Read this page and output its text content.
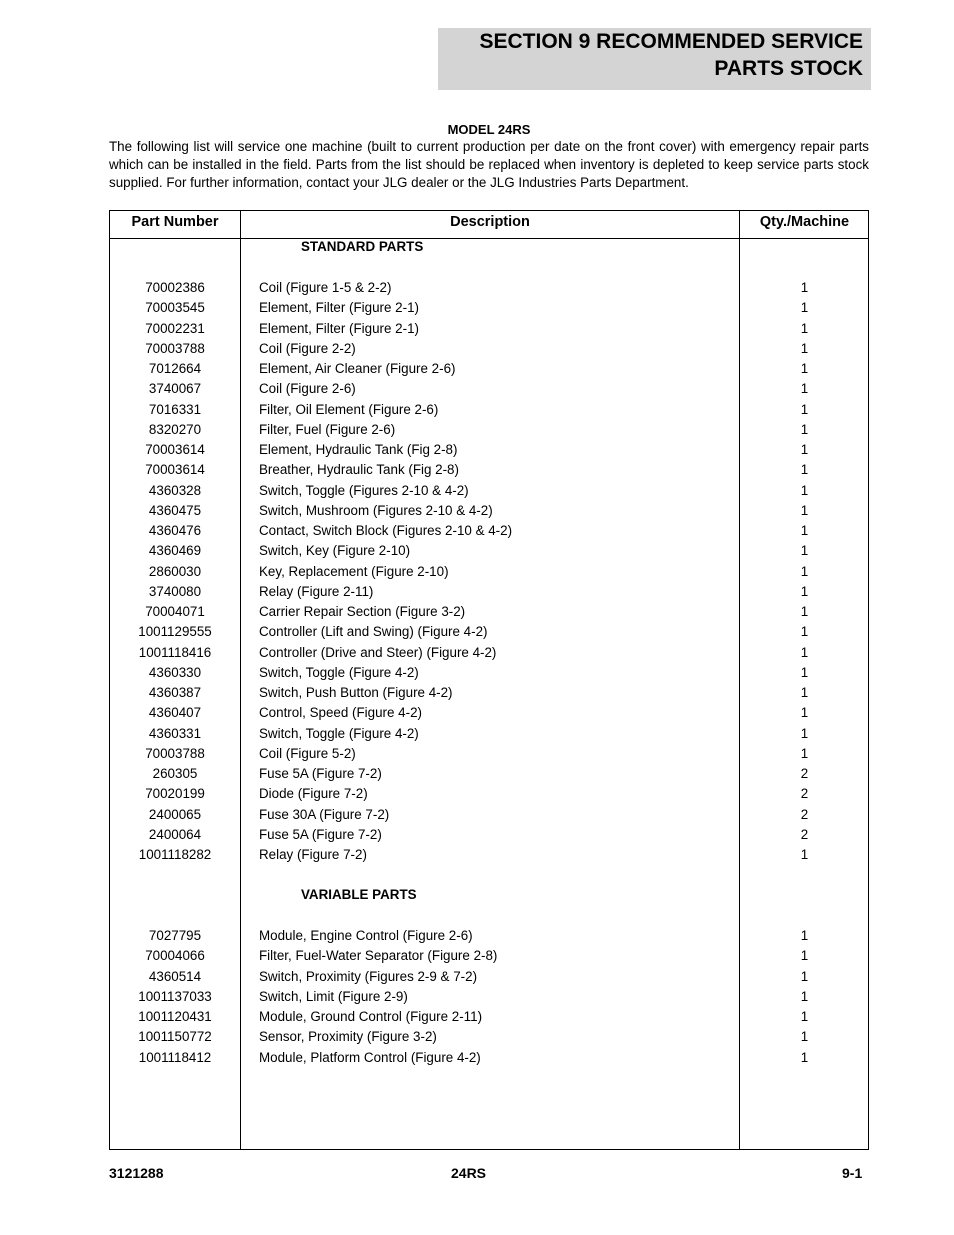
SECTION 9 RECOMMENDED SERVICE
PARTS STOCK
MODEL 24RS
The following list will service one machine (built to current production per date on the front cover) with emergency repair parts which can be installed in the field. Parts from the list should be replaced when inventory is depleted to keep service parts stock supplied. For further information, contact your JLG dealer or the JLG Industries Parts Department.
Part Number	Description	Qty./Machine
STANDARD PARTS
70002386	Coil (Figure 1-5 & 2-2)	1
70003545	Element, Filter (Figure 2-1)	1
70002231	Element, Filter (Figure 2-1)	1
70003788	Coil (Figure 2-2)	1
7012664	Element, Air Cleaner (Figure 2-6)	1
3740067	Coil (Figure 2-6)	1
7016331	Filter, Oil Element (Figure 2-6)	1
8320270	Filter, Fuel (Figure 2-6)	1
70003614	Element, Hydraulic Tank (Fig 2-8)	1
70003614	Breather, Hydraulic Tank (Fig 2-8)	1
4360328	Switch, Toggle (Figures 2-10 & 4-2)	1
4360475	Switch, Mushroom (Figures 2-10 & 4-2)	1
4360476	Contact, Switch Block (Figures 2-10 & 4-2)	1
4360469	Switch, Key (Figure 2-10)	1
2860030	Key, Replacement (Figure 2-10)	1
3740080	Relay (Figure 2-11)	1
70004071	Carrier Repair Section (Figure 3-2)	1
1001129555	Controller (Lift and Swing) (Figure 4-2)	1
1001118416	Controller (Drive and Steer) (Figure 4-2)	1
4360330	Switch, Toggle (Figure 4-2)	1
4360387	Switch, Push Button (Figure 4-2)	1
4360407	Control, Speed (Figure 4-2)	1
4360331	Switch, Toggle (Figure 4-2)	1
70003788	Coil (Figure 5-2)	1
260305	Fuse 5A (Figure 7-2)	2
70020199	Diode (Figure 7-2)	2
2400065	Fuse 30A (Figure 7-2)	2
2400064	Fuse 5A (Figure 7-2)	2
1001118282	Relay (Figure 7-2)	1
VARIABLE PARTS
7027795	Module, Engine Control (Figure 2-6)	1
70004066	Filter, Fuel-Water Separator (Figure 2-8)	1
4360514	Switch, Proximity (Figures 2-9 & 7-2)	1
1001137033	Switch, Limit (Figure 2-9)	1
1001120431	Module, Ground Control (Figure 2-11)	1
1001150772	Sensor, Proximity (Figure 3-2)	1
1001118412	Module, Platform Control (Figure 4-2)	1
3121288	24RS	9-1
